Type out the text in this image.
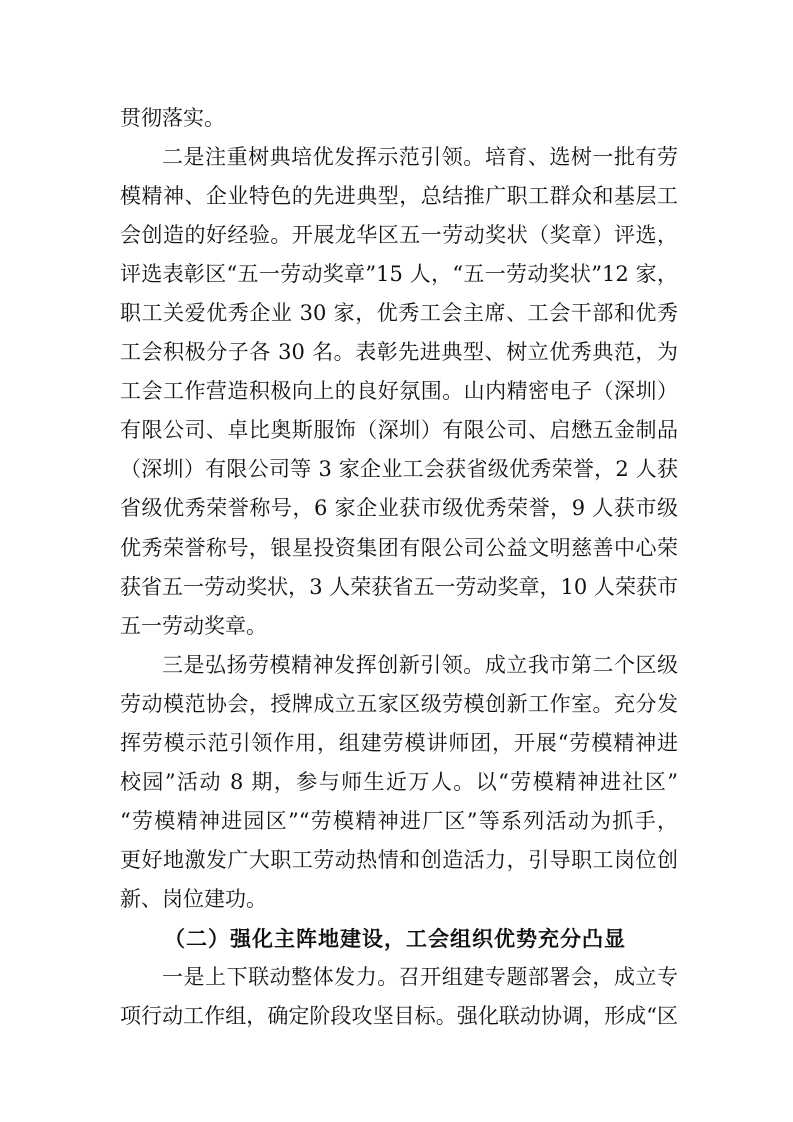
贯彻落实。
二是注重树典培优发挥示范引领。培育、选树一批有劳
模精神、企业特色的先进典型，总结推广职工群众和基层工
会创造的好经验。开展龙华区五一劳动奖状（奖章）评选，
评选表彰区“五一劳动奖章”15 人，“五一劳动奖状”12 家，
职工关爱优秀企业 30 家，优秀工会主席、工会干部和优秀
工会积极分子各 30 名。表彰先进典型、树立优秀典范，为
工会工作营造积极向上的良好氛围。山内精密电子（深圳）
有限公司、卓比奥斯服饰（深圳）有限公司、启懋五金制品
（深圳）有限公司等 3 家企业工会获省级优秀荣誉，2 人获
省级优秀荣誉称号，6 家企业获市级优秀荣誉，9 人获市级
优秀荣誉称号，银星投资集团有限公司公益文明慈善中心荣
获省五一劳动奖状，3 人荣获省五一劳动奖章，10 人荣获市
五一劳动奖章。
三是弘扬劳模精神发挥创新引领。成立我市第二个区级
劳动模范协会，授牌成立五家区级劳模创新工作室。充分发
挥劳模示范引领作用，组建劳模讲师团，开展“劳模精神进
校园”活动 8 期，参与师生近万人。以“劳模精神进社区”
“劳模精神进园区”“劳模精神进厂区”等系列活动为抓手，
更好地激发广大职工劳动热情和创造活力，引导职工岗位创
新、岗位建功。
（二）强化主阵地建设，工会组织优势充分凸显
一是上下联动整体发力。召开组建专题部署会，成立专
项行动工作组，确定阶段攻坚目标。强化联动协调，形成“区
